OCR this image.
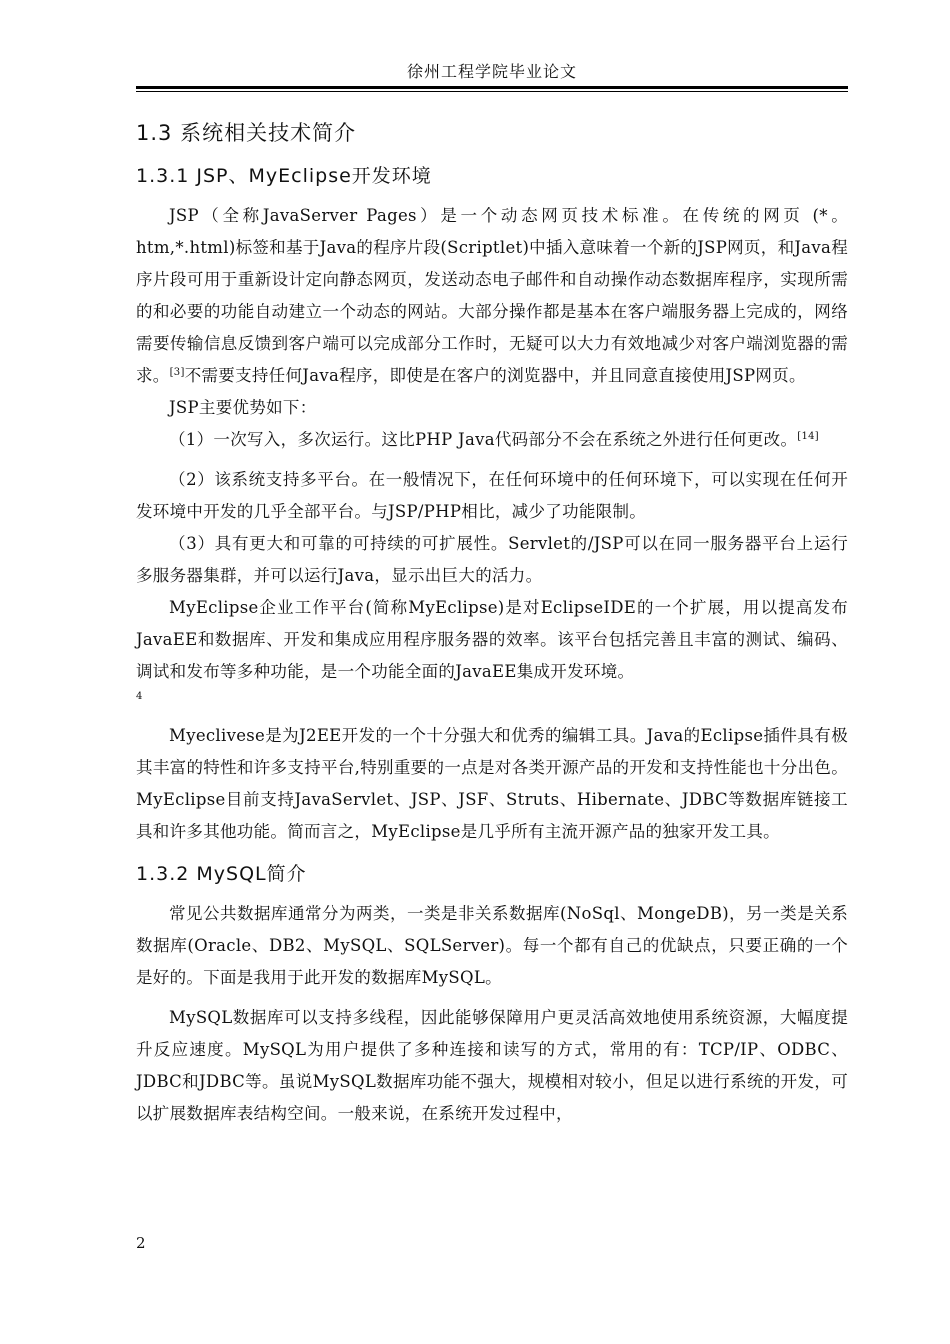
徐州工程学院毕业论文
1.3 系统相关技术简介
1.3.1 JSP、MyEclipse开发环境

JSP（全称JavaServer Pages）是一个动态网页技术标准。在传统的网页 (*。htm,*.html)标签和基于Java的程序片段(Scriptlet)中插入意味着一个新的JSP网页，和Java程序片段可用于重新设计定向静态网页，发送动态电子邮件和自动操作动态数据库程序，实现所需的和必要的功能自动建立一个动态的网站。大部分操作都是基本在客户端服务器上完成的，网络需要传输信息反馈到客户端可以完成部分工作时，无疑可以大力有效地减少对客户端浏览器的需求。[3]不需要支持任何Java程序，即使是在客户的浏览器中，并且同意直接使用JSP网页。

JSP主要优势如下：

（1）一次写入，多次运行。这比PHP Java代码部分不会在系统之外进行任何更改。[14]

（2）该系统支持多平台。在一般情况下，在任何环境中的任何环境下，可以实现在任何开发环境中开发的几乎全部平台。与JSP/PHP相比，减少了功能限制。

（3）具有更大和可靠的可持续的可扩展性。Servlet的/JSP可以在同一服务器平台上运行多服务器集群，并可以运行Java，显示出巨大的活力。

MyEclipse企业工作平台(简称MyEclipse)是对EclipseIDE的一个扩展，用以提高发布JavaEE和数据库、开发和集成应用程序服务器的效率。该平台包括完善且丰富的测试、编码、调试和发布等多种功能，是一个功能全面的JavaEE集成开发环境。

4

Myeclivese是为J2EE开发的一个十分强大和优秀的编辑工具。Java的Eclipse插件具有极其丰富的特性和许多支持平台,特别重要的一点是对各类开源产品的开发和支持性能也十分出色。MyEclipse目前支持JavaServlet、JSP、JSF、Struts、Hibernate、JDBC等数据库链接工具和许多其他功能。简而言之，MyEclipse是几乎所有主流开源产品的独家开发工具。

1.3.2 MySQL简介

常见公共数据库通常分为两类，一类是非关系数据库(NoSql、MongeDB)，另一类是关系数据库(Oracle、DB2、MySQL、SQLServer)。每一个都有自己的优缺点，只要正确的一个是好的。下面是我用于此开发的数据库MySQL。

MySQL数据库可以支持多线程，因此能够保障用户更灵活高效地使用系统资源，大幅度提升反应速度。MySQL为用户提供了多种连接和读写的方式，常用的有：TCP/IP、ODBC、JDBC和JDBC等。虽说MySQL数据库功能不强大，规模相对较小，但足以进行系统的开发，可以扩展数据库表结构空间。一般来说，在系统开发过程中，

2
